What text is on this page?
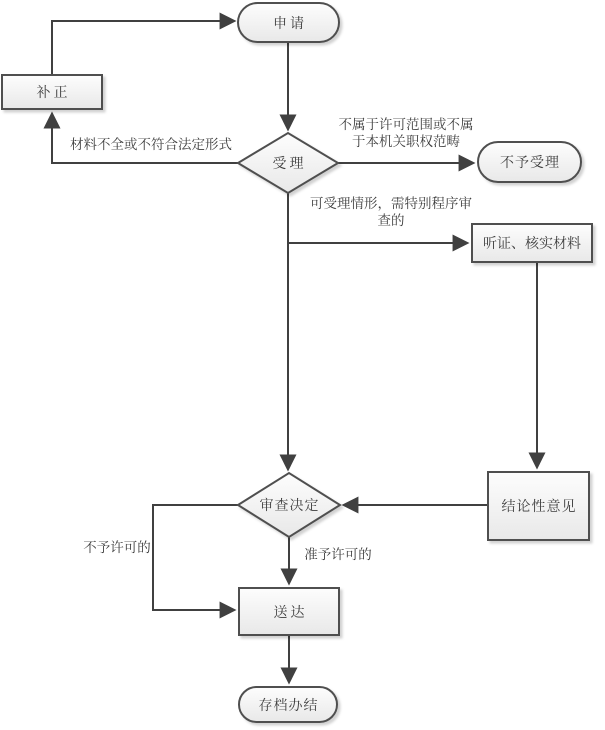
申请
补正
受理	不予受理
听证、核实材料
审查决定	结论性意见
送达
存档办结
材料不全或不符合法定形式
不属于许可范围或不属
于本机关职权范畴
可受理情形，需特别程序审
查的
不予许可的	准予许可的
